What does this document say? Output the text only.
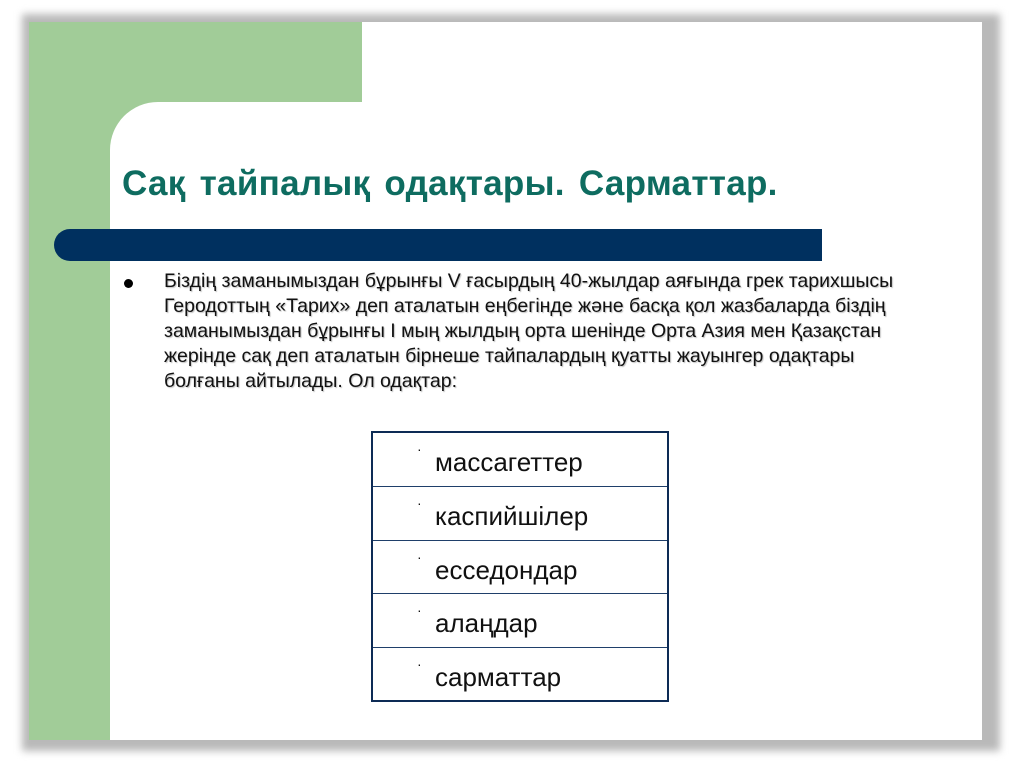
Сақ тайпалық одақтары. Сарматтар.

Біздің заманымыздан бұрынғы V ғасырдың 40-жылдар аяғында грек тарихшысы Геродоттың «Тарих» деп аталатын еңбегінде және басқа қол жазбаларда біздің заманымыздан бұрынғы I мың жылдың орта шенінде Орта Азия мен Қазақстан жерінде сақ деп аталатын бірнеше тайпалардың қуатты жауынгер одақтары болғаны айтылады. Ол одақтар:

· массагеттер
· каспийшілер
· есседондар
· алаңдар
· сарматтар
